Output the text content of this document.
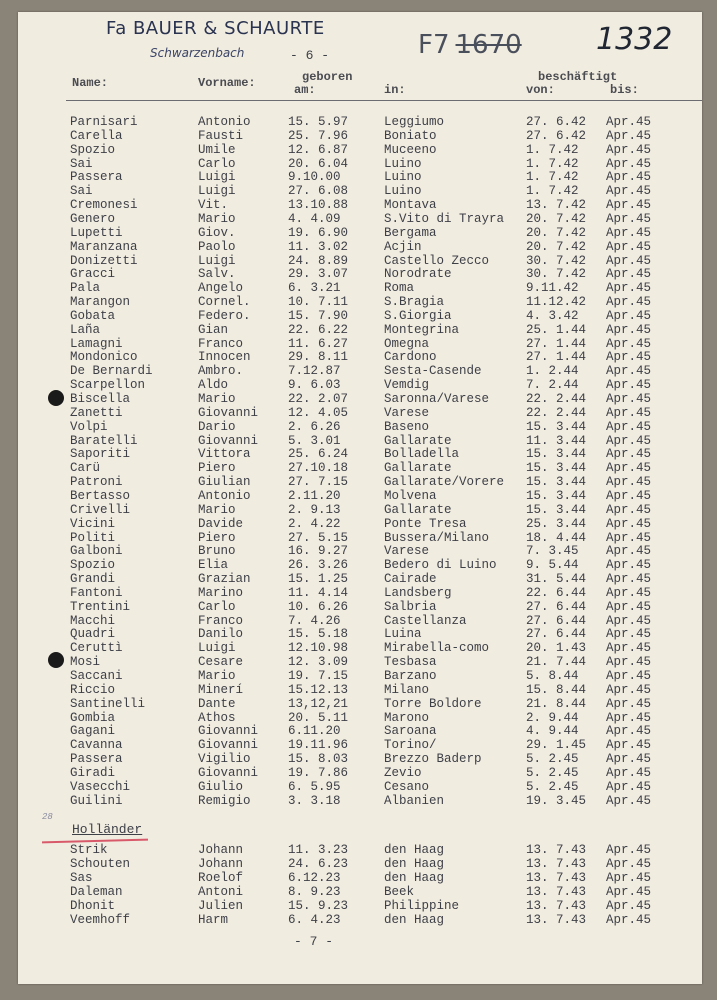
Fa BAUER & SCHAURTE
Schwarzenbach	- 6 -	F7 1670 1332
Name:	Vorname:	geboren
am:	in:
beschäftigt
von:	bis:
Parnisari	Antonio	15. 5.97	Leggiumo	27. 6.42 Apr.45
Carella	Fausti	25. 7.96	Boniato	27. 6.42 Apr.45
Spozio	Umile	12. 6.87	Muceeno	1. 7.42 Apr.45
Sai	Carlo	20. 6.04	Luino	1. 7.42 Apr.45
Passera	Luigi	9.10.00	Luino	1. 7.42 Apr.45
Sai	Luigi	27. 6.08	Luino	1. 7.42 Apr.45
Cremonesi	Vit.	13.10.88	Montava	13. 7.42 Apr.45
Genero	Mario	4. 4.09	S.Vito di Trayra 20. 7.42 Apr.45
Lupetti	Giov.	19. 6.90	Bergama	20. 7.42 Apr.45
Maranzana	Paolo	11. 3.02	Acjin	20. 7.42 Apr.45
Donizetti	Luigi	24. 8.89	Castello Zecco	30. 7.42 Apr.45
Gracci	Salv.	29. 3.07	Norodrate	30. 7.42 Apr.45
Pala	Angelo	6. 3.21	Roma	9.11.42 Apr.45
Marangon	Cornel.	10. 7.11	S.Bragia	11.12.42 Apr.45
Gobata	Federo.	15. 7.90	S.Giorgia	4. 3.42 Apr.45
Laña	Gian	22. 6.22	Montegrina	25. 1.44 Apr.45
Lamagni	Franco	11. 6.27	Omegna	27. 1.44 Apr.45
Mondonico	Innocen	29. 8.11	Cardono	27. 1.44 Apr.45
De Bernardi	Ambro.	7.12.87	Sesta-Casende	1. 2.44 Apr.45
Scarpellon	Aldo	9. 6.03	Vemdig	7. 2.44 Apr.45
Biscella	Mario	22. 2.07	Saronna/Varese	22. 2.44 Apr.45
Zanetti	Giovanni 12. 4.05	Varese	22. 2.44 Apr.45
Volpi	Dario	2. 6.26	Baseno	15. 3.44 Apr.45
Baratelli	Giovanni 5. 3.01	Gallarate	11. 3.44 Apr.45
Saporiti	Vittora	25. 6.24	Bolladella	15. 3.44 Apr.45
Carü	Piero	27.10.18	Gallarate	15. 3.44 Apr.45
Patroni	Giulian	27. 7.15	Gallarate/Vorere 15. 3.44 Apr.45
Bertasso	Antonio	2.11.20	Molvena	15. 3.44 Apr.45
Crivelli	Mario	2. 9.13	Gallarate	15. 3.44 Apr.45
Vicini	Davide	2. 4.22	Ponte Tresa	25. 3.44 Apr.45
Politi	Piero	27. 5.15	Bussera/Milano	18. 4.44 Apr.45
Galboni	Bruno	16. 9.27	Varese	7. 3.45 Apr.45
Spozio	Elia	26. 3.26	Bedero di Luino 9. 5.44 Apr.45
Grandi	Grazian	15. 1.25	Cairade	31. 5.44 Apr.45
Fantoni	Marino	11. 4.14	Landsberg	22. 6.44 Apr.45
Trentini	Carlo	10. 6.26	Salbria	27. 6.44 Apr.45
Macchi	Franco	7. 4.26	Castellanza	27. 6.44 Apr.45
Quadri	Danilo	15. 5.18	Luina	27. 6.44 Apr.45
Ceruttì	Luigi	12.10.98	Mirabella-como	20. 1.43 Apr.45
Mosi	Cesare	12. 3.09	Tesbasa	21. 7.44 Apr.45
Saccani	Mario	19. 7.15	Barzano	5. 8.44 Apr.45
Riccio	Minerí	15.12.13	Milano	15. 8.44 Apr.45
Santinelli	Dante	13,12,21	Torre Boldore	21. 8.44 Apr.45
Gombia	Athos	20. 5.11	Marono	2. 9.44 Apr.45
Gagani	Giovanni 6.11.20	Saroana	4. 9.44 Apr.45
Cavanna	Giovanni 19.11.96	Torino/	29. 1.45 Apr.45
Passera	Vigilio	15. 8.03	Brezzo Baderp	5. 2.45 Apr.45
Giradi	Giovanni 19. 7.86	Zevio	5. 2.45 Apr.45
Vasecchi	Giulio	6. 5.95	Cesano	5. 2.45 Apr.45
Guilini	Remigio	3. 3.18	Albanien	19. 3.45 Apr.45
28
Holländer
Strik	Johann	11. 3.23	den Haag	13. 7.43 Apr.45
Schouten	Johann	24. 6.23	den Haag	13. 7.43 Apr.45
Sas	Roelof	6.12.23	den Haag	13. 7.43 Apr.45
Daleman	Antoni	8. 9.23	Beek	13. 7.43 Apr.45
Dhonit	Julien	15. 9.23	Philippine	13. 7.43 Apr.45
Veemhoff	Harm	6. 4.23	den Haag	13. 7.43 Apr.45
- 7 -
